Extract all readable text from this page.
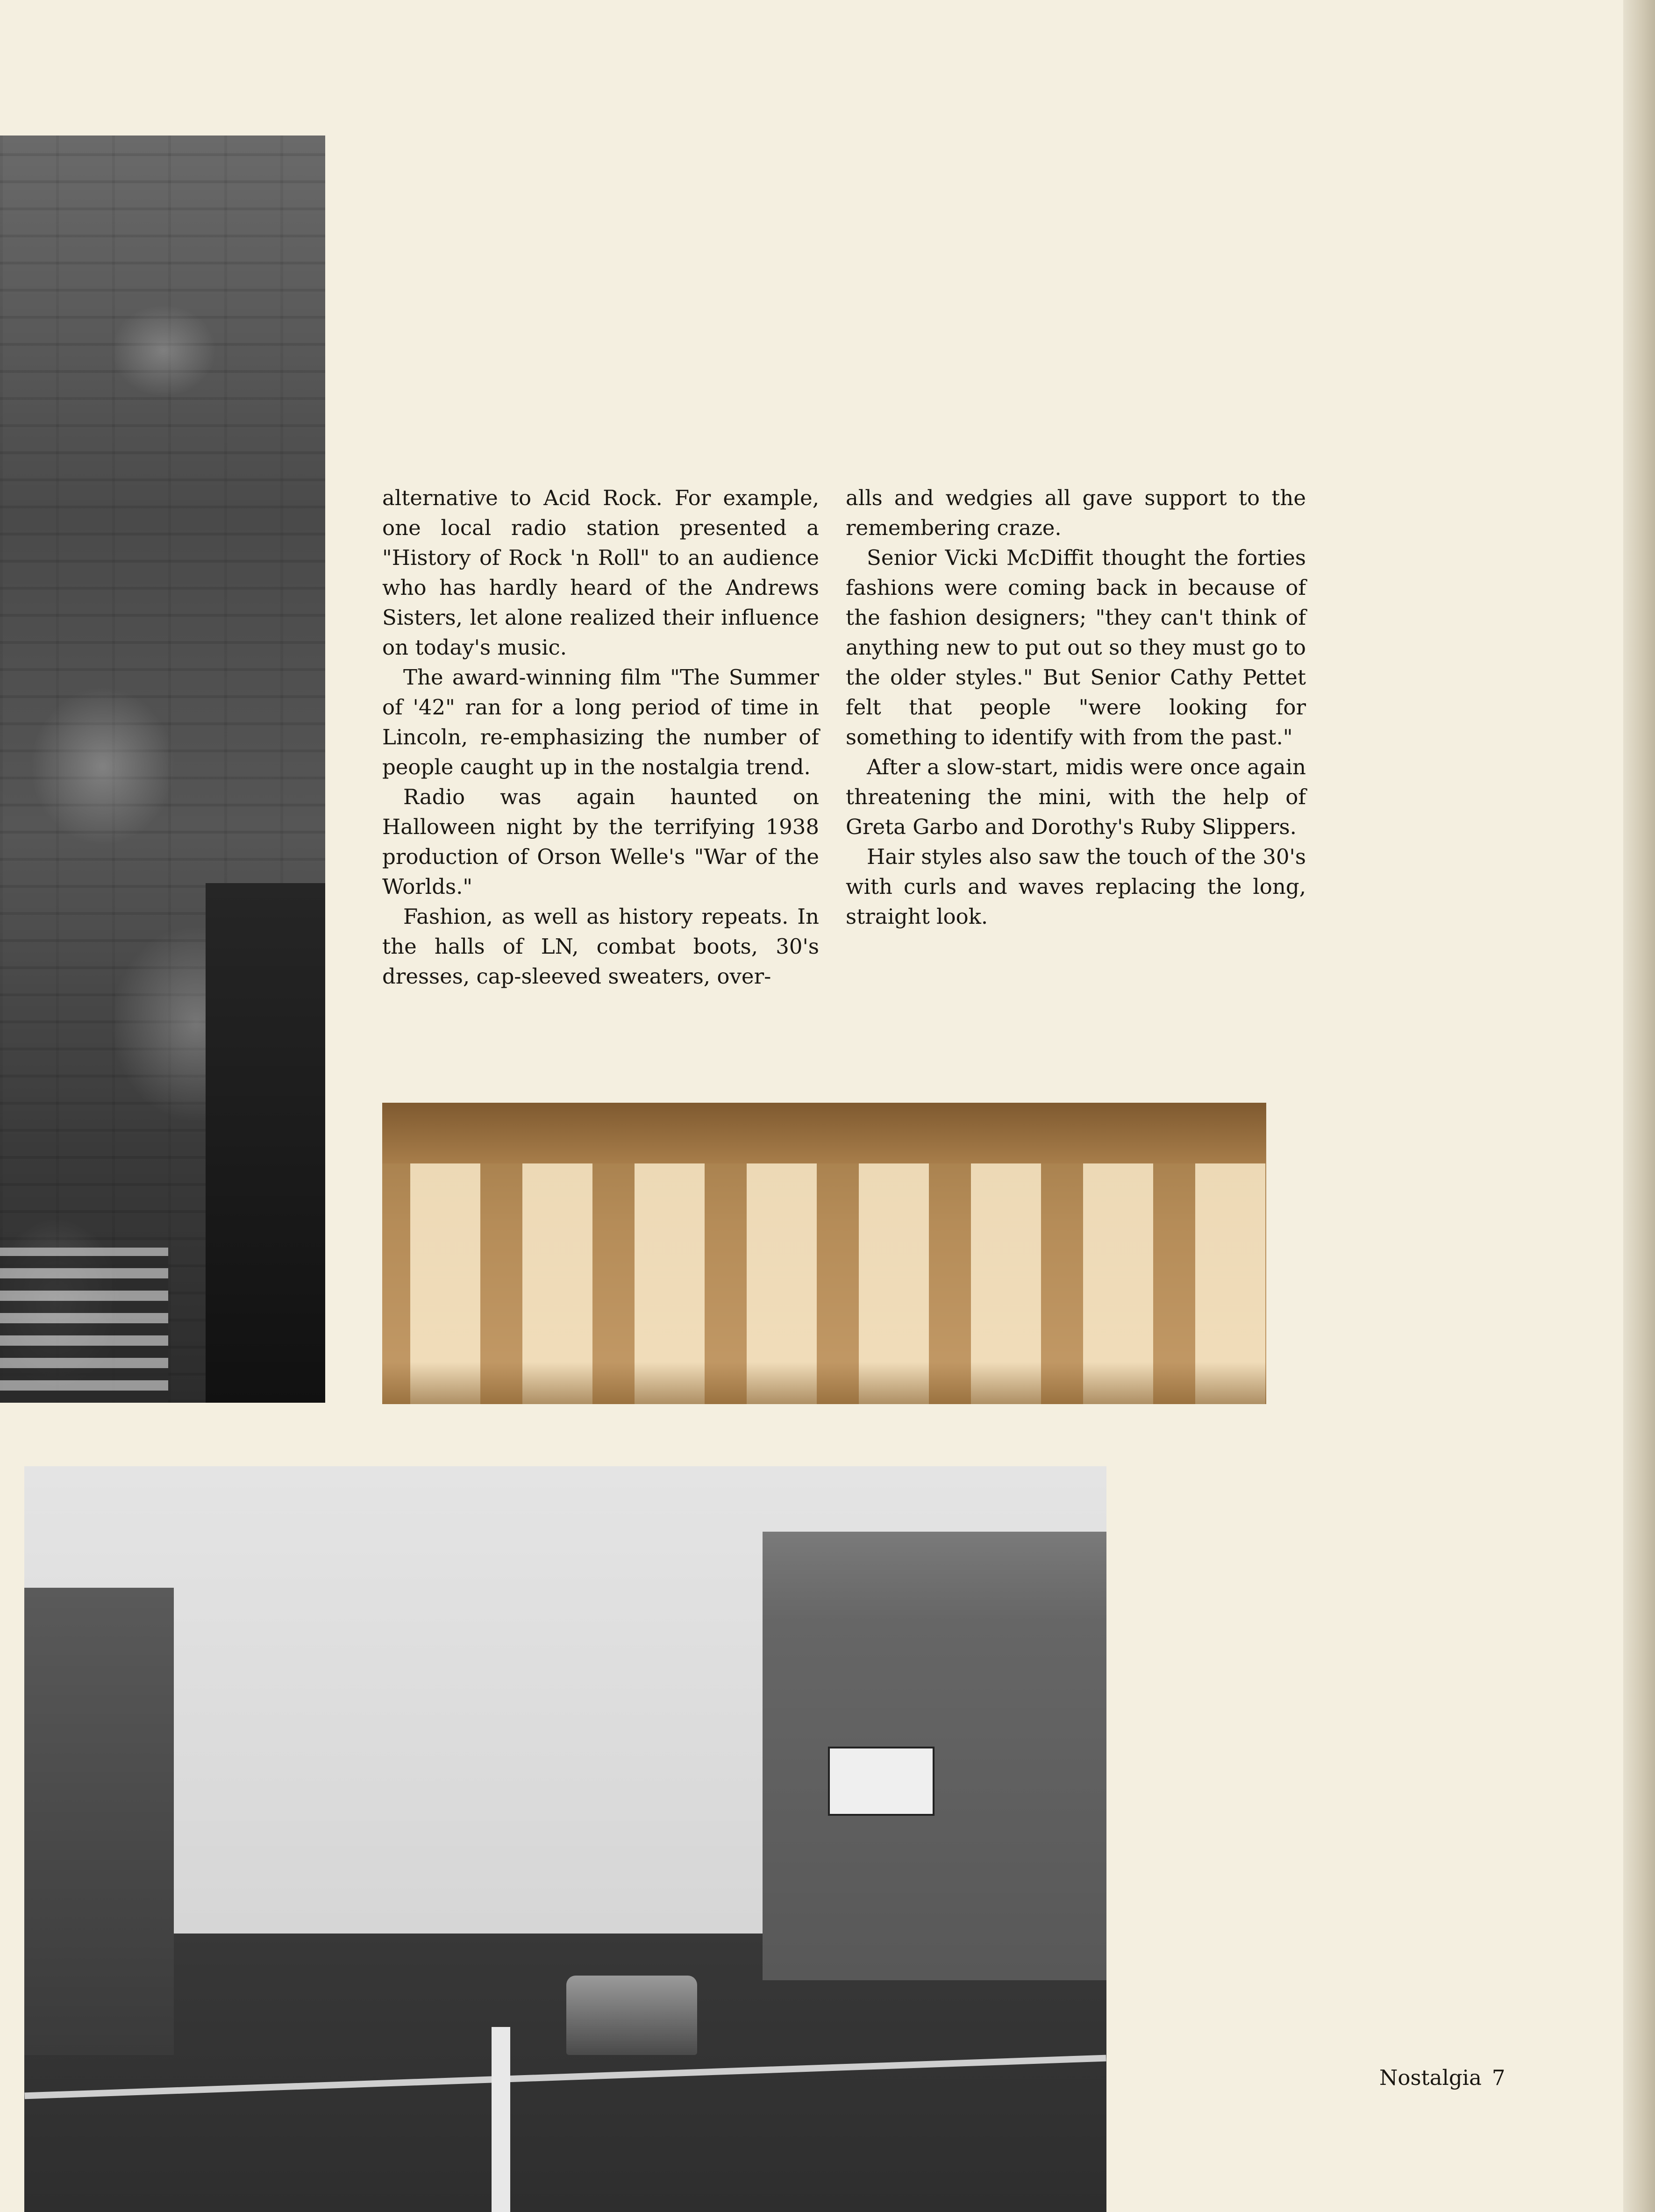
alternative to Acid Rock. For example, one local radio station presented a "History of Rock 'n Roll" to an audience who has hardly heard of the Andrews Sisters, let alone realized their influence on today's music.

The award-winning film "The Summer of '42" ran for a long period of time in Lincoln, re-emphasizing the number of people caught up in the nostalgia trend.

Radio was again haunted on Halloween night by the terrifying 1938 production of Orson Welle's "War of the Worlds."

Fashion, as well as history repeats. In the halls of LN, combat boots, 30's dresses, cap-sleeved sweaters, over-

alls and wedgies all gave support to the remembering craze.

Senior Vicki McDiffit thought the forties fashions were coming back in because of the fashion designers; "they can't think of anything new to put out so they must go to the older styles." But Senior Cathy Pettet felt that people "were looking for something to identify with from the past."

After a slow-start, midis were once again threatening the mini, with the help of Greta Garbo and Dorothy's Ruby Slippers.

Hair styles also saw the touch of the 30's with curls and waves replacing the long, straight look.

Nostalgia 7
